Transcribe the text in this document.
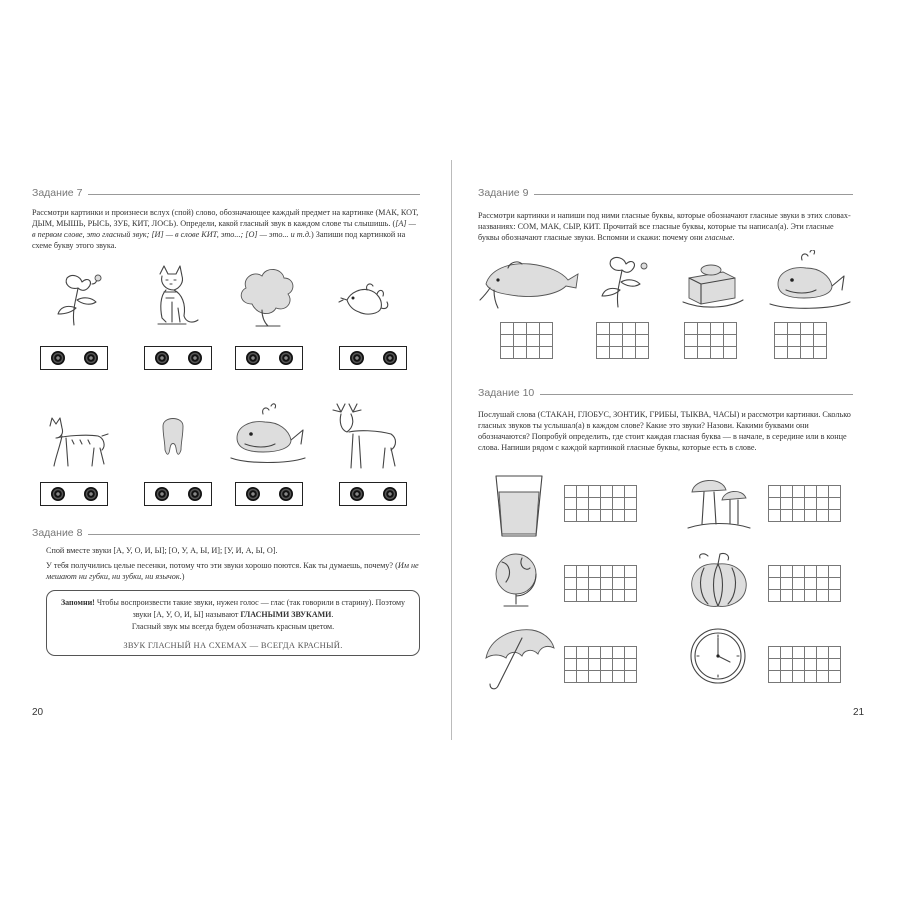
Задание 7

Рассмотри картинки и произнеси вслух (спой) слово, обозначающее каждый предмет на картинке (МАК, КОТ, ДЫМ, МЫШЬ, РЫСЬ, ЗУБ, КИТ, ЛОСЬ). Определи, какой гласный звук в каждом слове ты слышишь. ([А] — в первом слове, это гласный звук; [И] — в слове КИТ, это...; [О] — это... и т.д.) Запиши под картинкой на схеме букву этого звука.

Задание 8

Спой вместе звуки [А, У, О, И, Ы]; [О, У, А, Ы, И]; [У, И, А, Ы, О].

У тебя получились целые песенки, потому что эти звуки хорошо поются. Как ты думаешь, почему? (Им не мешают ни губки, ни зубки, ни язычок.)

Запомни! Чтобы воспроизвести такие звуки, нужен голос — глас (так говорили в старину). Поэтому звуки [А, У, О, И, Ы] называют ГЛАСНЫМИ ЗВУКАМИ.
Гласный звук мы всегда будем обозначать красным цветом.
ЗВУК ГЛАСНЫЙ НА СХЕМАХ — ВСЕГДА КРАСНЫЙ.
20
Задание 9

Рассмотри картинки и напиши под ними гласные буквы, которые обозначают гласные звуки в этих словах-названиях: СОМ, МАК, СЫР, КИТ. Прочитай все гласные буквы, которые ты написал(а). Эти гласные буквы обозначают гласные звуки. Вспомни и скажи: почему они гласные.

Задание 10

Послушай слова (СТАКАН, ГЛОБУС, ЗОНТИК, ГРИБЫ, ТЫКВА, ЧАСЫ) и рассмотри картинки. Сколько гласных звуков ты услышал(а) в каждом слове? Какие это звуки? Назови. Какими буквами они обозначаются? Попробуй определить, где стоит каждая гласная буква — в начале, в середине или в конце слова. Напиши рядом с каждой картинкой гласные буквы, которые есть в слове.

21
